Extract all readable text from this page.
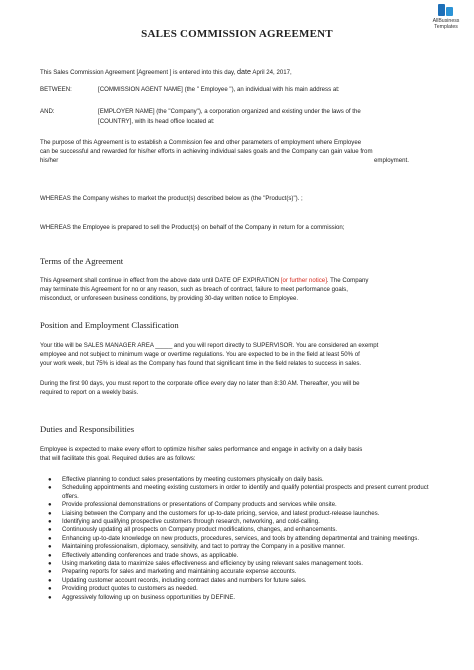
AllBusiness
Templates
SALES COMMISSION AGREEMENT
This Sales Commission Agreement [Agreement ] is entered into this day, date April 24, 2017,
BETWEEN:	[COMMISSION AGENT NAME] (the " Employee "), an individual with his main address at:
AND:	[EMPLOYER NAME] (the "Company"), a corporation organized and existing under the laws of the
[COUNTRY], with its head office located at:
The purpose of this Agreement is to establish a Commission fee and other parameters of employment where Employee
can be successful and rewarded for his/her efforts in achieving individual sales goals and the Company can gain value from
his/her	employment.
WHEREAS the Company wishes to market the product(s) described below as (the "Product(s)"). ;
WHEREAS the Employee is prepared to sell the Product(s) on behalf of the Company in return for a commission;
Terms of the Agreement
This Agreement shall continue in effect from the above date until DATE OF EXPIRATION [or further notice]. The Company
may terminate this Agreement for no or any reason, such as breach of contract, failure to meet performance goals,
misconduct, or unforeseen business conditions, by providing 30-day written notice to Employee.
Position and Employment Classification
Your title will be SALES MANAGER AREA _____ and you will report directly to SUPERVISOR. You are considered an exempt
employee and not subject to minimum wage or overtime regulations. You are expected to be in the field at least 50% of
your work week, but 75% is ideal as the Company has found that significant time in the field relates to success in sales.
During the first 90 days, you must report to the corporate office every day no later than 8:30 AM. Thereafter, you will be
required to report on a weekly basis.
Duties and Responsibilities
Employee is expected to make every effort to optimize his/her sales performance and engage in activity on a daily basis
that will facilitate this goal. Required duties are as follows:
● Effective planning to conduct sales presentations by meeting customers physically on daily basis.
● Scheduling appointments and meeting existing customers in order to identify and qualify potential prospects and present current product offers.
● Provide professional demonstrations or presentations of Company products and services while onsite.
● Liaising between the Company and the customers for up-to-date pricing, service, and latest product-release launches.
● Identifying and qualifying prospective customers through research, networking, and cold-calling.
● Continuously updating all prospects on Company product modifications, changes, and enhancements.
● Enhancing up-to-date knowledge on new products, procedures, services, and tools by attending departmental and training meetings.
● Maintaining professionalism, diplomacy, sensitivity, and tact to portray the Company in a positive manner.
● Effectively attending conferences and trade shows, as applicable.
● Using marketing data to maximize sales effectiveness and efficiency by using relevant sales management tools.
● Preparing reports for sales and marketing and maintaining accurate expense accounts.
● Updating customer account records, including contract dates and numbers for future sales.
● Providing product quotes to customers as needed.
● Aggressively following up on business opportunities by DEFINE.
